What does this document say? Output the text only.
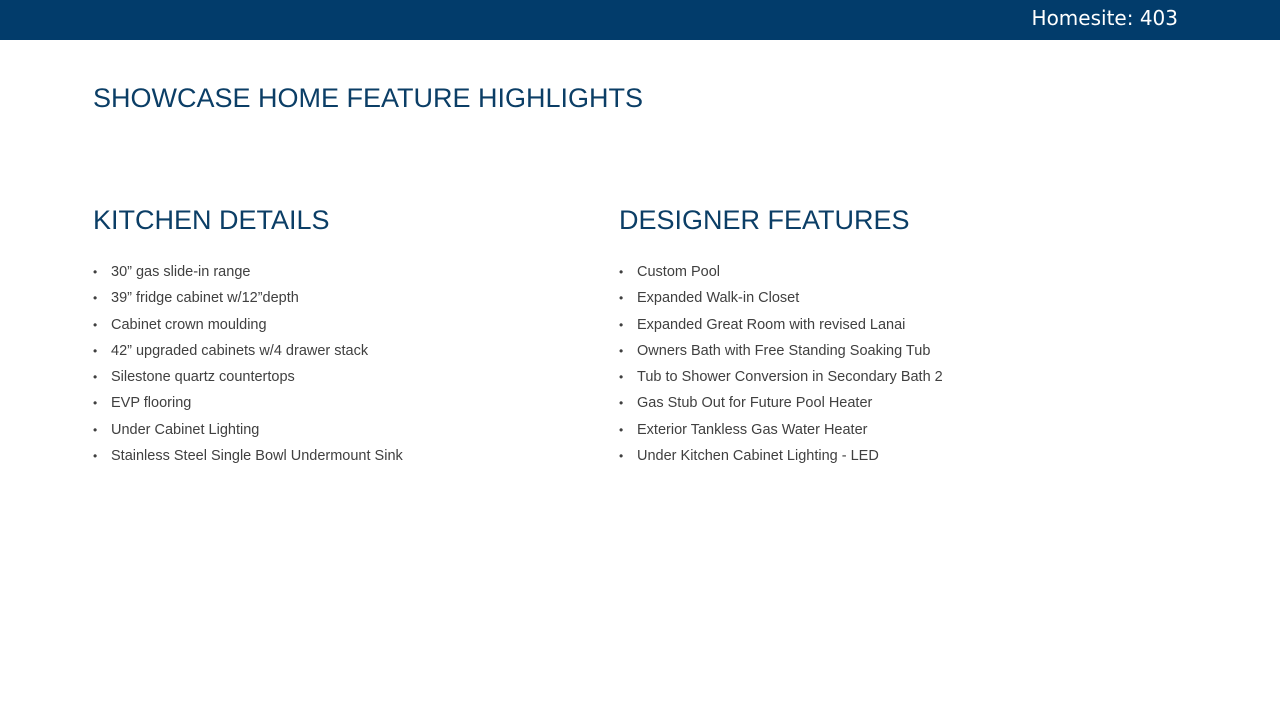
Homesite: 403
SHOWCASE HOME FEATURE HIGHLIGHTS
KITCHEN DETAILS
• 30” gas slide-in range
• 39” fridge cabinet w/12”depth
• Cabinet crown moulding
• 42” upgraded cabinets w/4 drawer stack
• Silestone quartz countertops
• EVP flooring
• Under Cabinet Lighting
• Stainless Steel Single Bowl Undermount Sink
DESIGNER FEATURES
• Custom Pool
• Expanded Walk-in Closet
• Expanded Great Room with revised Lanai
• Owners Bath with Free Standing Soaking Tub
• Tub to Shower Conversion in Secondary Bath 2
• Gas Stub Out for Future Pool Heater
• Exterior Tankless Gas Water Heater
• Under Kitchen Cabinet Lighting - LED
